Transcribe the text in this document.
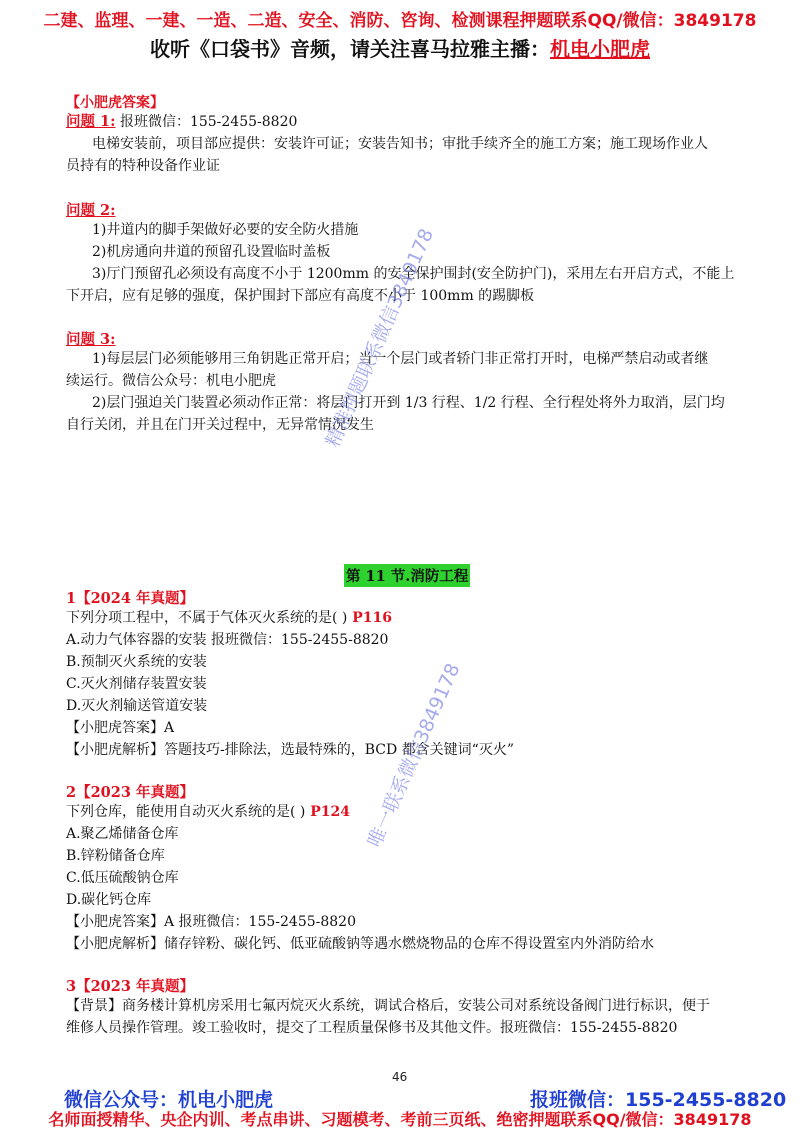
二建、监理、一建、一造、二造、安全、消防、咨询、检测课程押题联系QQ/微信：3849178
收听《口袋书》音频，请关注喜马拉雅主播：机电小肥虎
【小肥虎答案】
问题 1: 报班微信：155-2455-8820
电梯安装前，项目部应提供：安装许可证；安装告知书；审批手续齐全的施工方案；施工现场作业人
员持有的特种设备作业证
问题 2:
1)井道内的脚手架做好必要的安全防火措施
2)机房通向井道的预留孔设置临时盖板
3)厅门预留孔必须设有高度不小于 1200mm 的安全保护围封(安全防护门)，采用左右开启方式，不能上
下开启，应有足够的强度，保护围封下部应有高度不小于 100mm 的踢脚板
问题 3:
1)每层层门必须能够用三角钥匙正常开启；当一个层门或者轿门非正常打开时，电梯严禁启动或者继
续运行。微信公众号：机电小肥虎
2)层门强迫关门装置必须动作正常：将层门打开到 1/3 行程、1/2 行程、全行程处将外力取消，层门均
自行关闭，并且在门开关过程中，无异常情况发生
第 11 节.消防工程
1【2024 年真题】
下列分项工程中，不属于气体灭火系统的是( ) P116
A.动力气体容器的安装 报班微信：155-2455-8820
B.预制灭火系统的安装
C.灭火剂储存装置安装
D.灭火剂输送管道安装
【小肥虎答案】A
【小肥虎解析】答题技巧-排除法，选最特殊的，BCD 都含关键词“灭火”
2【2023 年真题】
下列仓库，能使用自动灭火系统的是( ) P124
A.聚乙烯储备仓库
B.锌粉储备仓库
C.低压硫酸钠仓库
D.碳化钙仓库
【小肥虎答案】A 报班微信：155-2455-8820
【小肥虎解析】储存锌粉、碳化钙、低亚硫酸钠等遇水燃烧物品的仓库不得设置室内外消防给水
3【2023 年真题】
【背景】商务楼计算机房采用七氟丙烷灭火系统，调试合格后，安装公司对系统设备阀门进行标识，便于
维修人员操作管理。竣工验收时，提交了工程质量保修书及其他文件。报班微信：155-2455-8820
精准押题联系微信3849178
唯一联系微信3849178
46
微信公众号：机电小肥虎	报班微信：155-2455-8820
名师面授精华、央企内训、考点串讲、习题模考、考前三页纸、绝密押题联系QQ/微信：3849178
